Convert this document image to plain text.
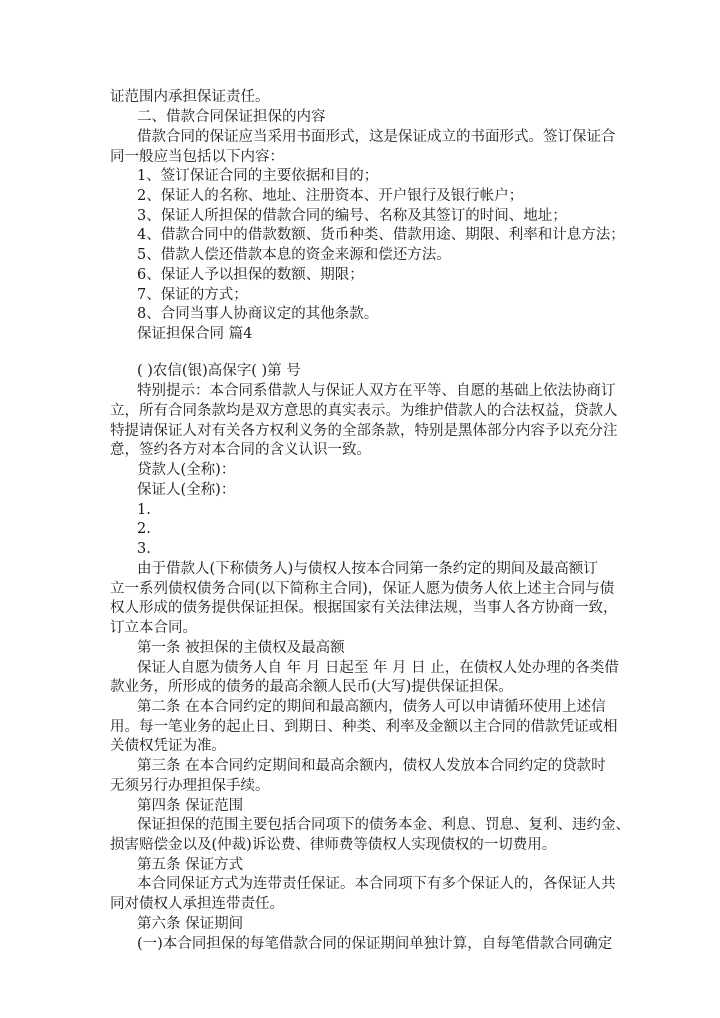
证范围内承担保证责任。
二、借款合同保证担保的内容
借款合同的保证应当采用书面形式，这是保证成立的书面形式。签订保证合
同一般应当包括以下内容：
1、签订保证合同的主要依据和目的；
2、保证人的名称、地址、注册资本、开户银行及银行帐户；
3、保证人所担保的借款合同的编号、名称及其签订的时间、地址；
4、借款合同中的借款数额、货币种类、借款用途、期限、利率和计息方法；
5、借款人偿还借款本息的资金来源和偿还方法。
6、保证人予以担保的数额、期限；
7、保证的方式；
8、合同当事人协商议定的其他条款。
保证担保合同 篇4
( )农信(银)高保字( )第 号
特别提示：本合同系借款人与保证人双方在平等、自愿的基础上依法协商订
立，所有合同条款均是双方意思的真实表示。为维护借款人的合法权益，贷款人
特提请保证人对有关各方权利义务的全部条款，特别是黑体部分内容予以充分注
意，签约各方对本合同的含义认识一致。
贷款人(全称)：
保证人(全称)：
1.
2.
3.
由于借款人(下称债务人)与债权人按本合同第一条约定的期间及最高额订
立一系列债权债务合同(以下简称主合同)，保证人愿为债务人依上述主合同与债
权人形成的债务提供保证担保。根据国家有关法律法规，当事人各方协商一致，
订立本合同。
第一条 被担保的主债权及最高额
保证人自愿为债务人自 年 月 日起至 年 月 日 止，在债权人处办理的各类借
款业务，所形成的债务的最高余额人民币(大写)提供保证担保。
第二条 在本合同约定的期间和最高额内，债务人可以申请循环使用上述信
用。每一笔业务的起止日、到期日、种类、利率及金额以主合同的借款凭证或相
关债权凭证为准。
第三条 在本合同约定期间和最高余额内，债权人发放本合同约定的贷款时
无须另行办理担保手续。
第四条 保证范围
保证担保的范围主要包括合同项下的债务本金、利息、罚息、复利、违约金、
损害赔偿金以及(仲裁)诉讼费、律师费等债权人实现债权的一切费用。
第五条 保证方式
本合同保证方式为连带责任保证。本合同项下有多个保证人的，各保证人共
同对债权人承担连带责任。
第六条 保证期间
(一)本合同担保的每笔借款合同的保证期间单独计算，自每笔借款合同确定
